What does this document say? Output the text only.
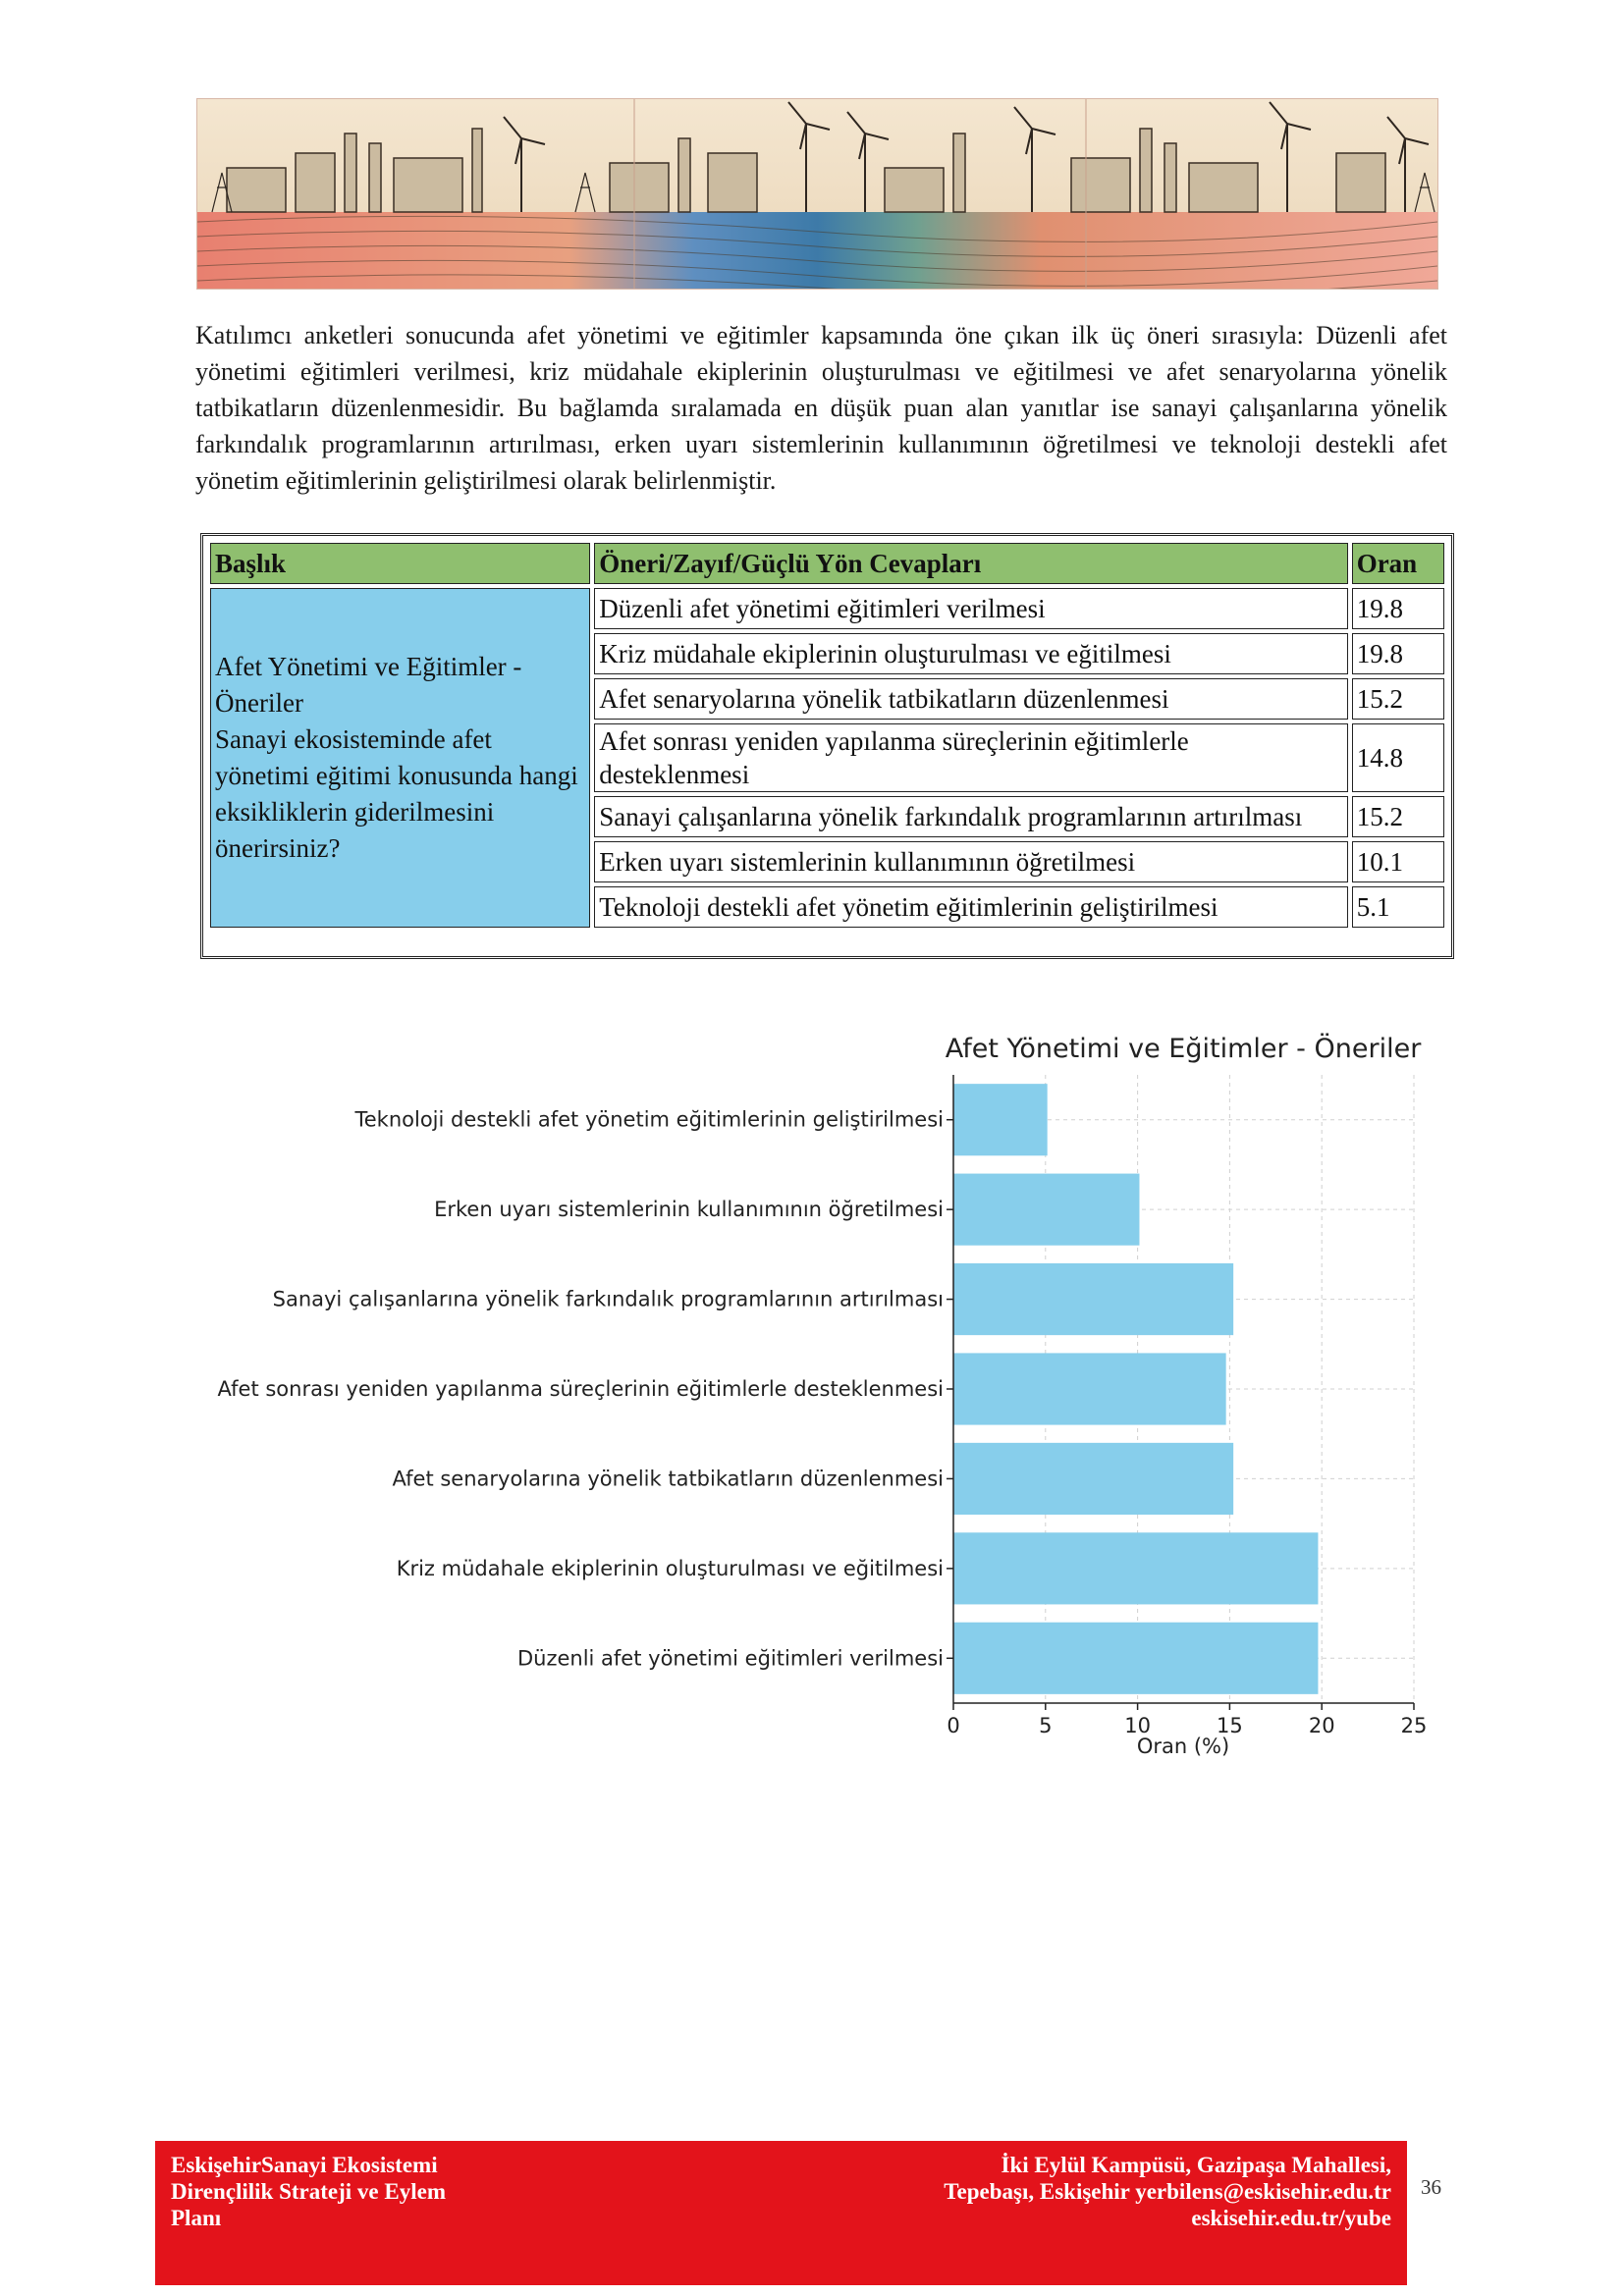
Katılımcı anketleri sonucunda afet yönetimi ve eğitimler kapsamında öne çıkan ilk üç öneri sırasıyla: Düzenli afet yönetimi eğitimleri verilmesi, kriz müdahale ekiplerinin oluşturulması ve eğitilmesi ve afet senaryolarına yönelik tatbikatların düzenlenmesidir. Bu bağlamda sıralamada en düşük puan alan yanıtlar ise sanayi çalışanlarına yönelik farkındalık programlarının artırılması, erken uyarı sistemlerinin kullanımının öğretilmesi ve teknoloji destekli afet yönetim eğitimlerinin geliştirilmesi olarak belirlenmiştir.

Başlık	Öneri/Zayıf/Güçlü Yön Cevapları	Oran

Afet Yönetimi ve Eğitimler - Öneriler
Sanayi ekosisteminde afet yönetimi eğitimi konusunda hangi eksikliklerin giderilmesini önerirsiniz?	Düzenli afet yönetimi eğitimleri verilmesi	19.8
	Kriz müdahale ekiplerinin oluşturulması ve eğitilmesi	19.8
	Afet senaryolarına yönelik tatbikatların düzenlenmesi	15.2
	Afet sonrası yeniden yapılanma süreçlerinin eğitimlerle desteklenmesi	14.8
	Sanayi çalışanlarına yönelik farkındalık programlarının artırılması	15.2
	Erken uyarı sistemlerinin kullanımının öğretilmesi	10.1
	Teknoloji destekli afet yönetim eğitimlerinin geliştirilmesi	5.1
Afet Yönetimi ve Eğitimler - Öneriler
Teknoloji destekli afet yönetim eğitimlerinin geliştirilmesi
Erken uyarı sistemlerinin kullanımının öğretilmesi
Sanayi çalışanlarına yönelik farkındalık programlarının artırılması
Afet sonrası yeniden yapılanma süreçlerinin eğitimlerle desteklenmesi
Afet senaryolarına yönelik tatbikatların düzenlenmesi
Kriz müdahale ekiplerinin oluşturulması ve eğitilmesi
Düzenli afet yönetimi eğitimleri verilmesi
0	5	10	15	20	25
Oran (%)
EskişehirSanayi Ekosistemi
Dirençlilik Strateji ve Eylem
Planı
İki Eylül Kampüsü, Gazipaşa Mahallesi,
Tepebaşı, Eskişehir yerbilens@eskisehir.edu.tr
eskisehir.edu.tr/yube
36
